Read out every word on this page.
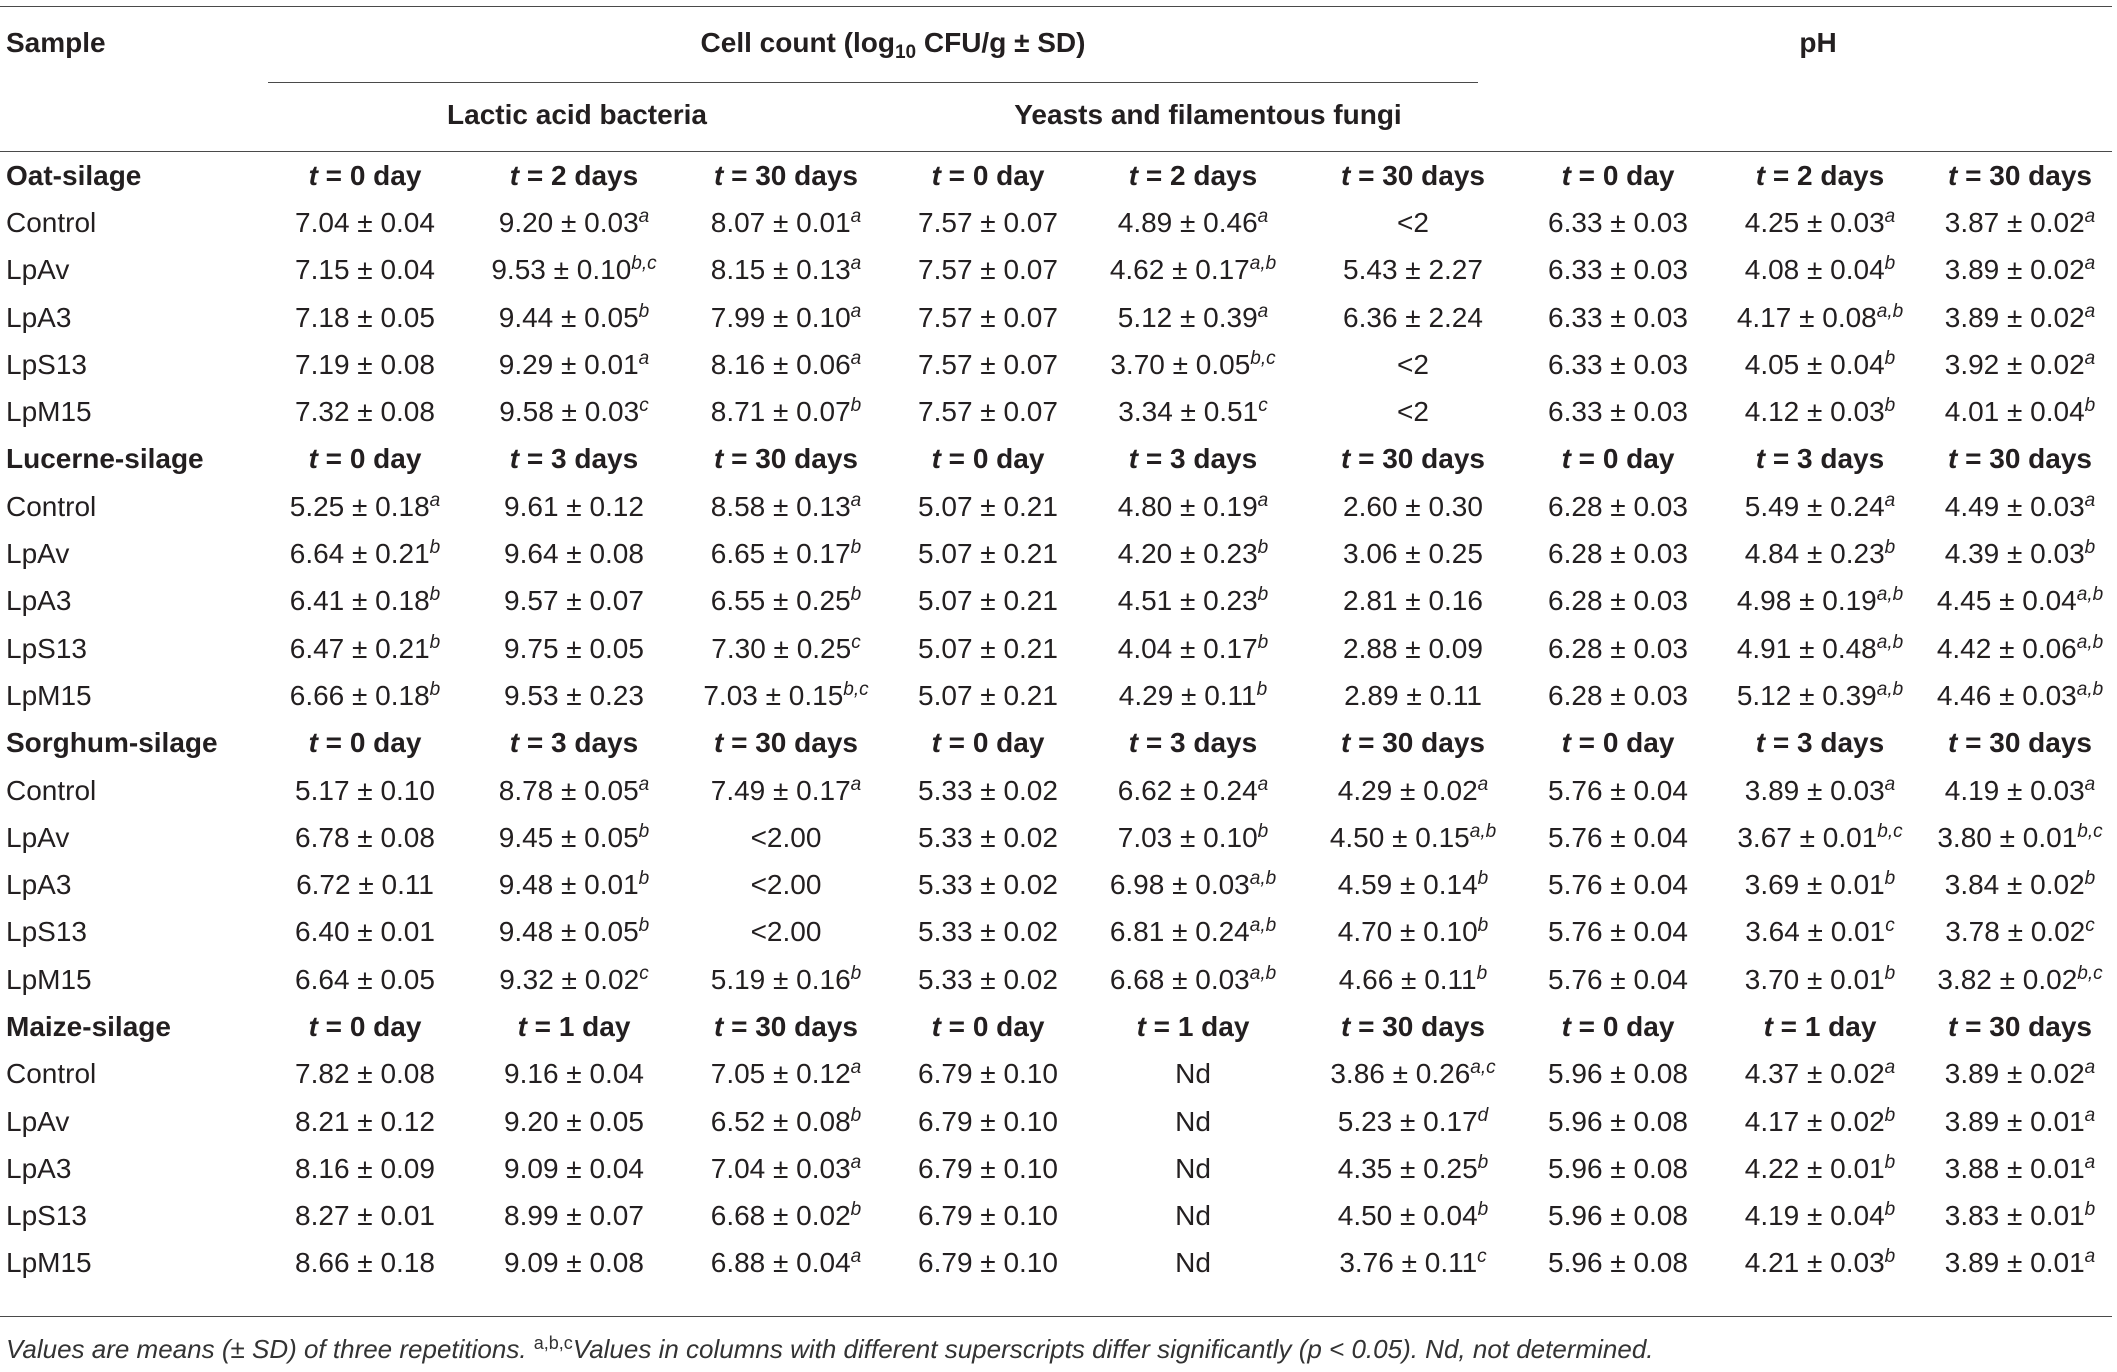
Sample	Cell count ($\log_{10}$ CFU/g ± SD)						pH		
	Lactic acid bacteria			Yeasts and filamentous fungi					
Oat-silage	t = 0 day	t = 2 days	t = 30 days	t = 0 day	t = 2 days	t = 30 days	t = 0 day	t = 2 days	t = 30 days
Control	7.04 ± 0.04	9.20 ± 0.03$^a$	8.07 ± 0.01$^a$	7.57 ± 0.07	4.89 ± 0.46$^a$	<2	6.33 ± 0.03	4.25 ± 0.03$^a$	3.87 ± 0.02$^a$
LpAv	7.15 ± 0.04	$9.53 \pm 0.10^{b,c}$	8.15 ± 0.13$^a$	7.57 ± 0.07	$4.62 \pm 0.17^{a,b}$	5.43 ± 2.27	6.33 ± 0.03	4.08 ± 0.04$^b$	3.89 ± 0.02$^a$
LpA3	7.18 ± 0.05	9.44 ± 0.05$^b$	7.99 ± 0.10$^a$	7.57 ± 0.07	5.12 ± 0.39$^a$	6.36 ± 2.24	6.33 ± 0.03	$4.17 \pm 0.08^{a,b}$	3.89 ± 0.02$^a$
LpS13	7.19 ± 0.08	9.29 ± 0.01$^a$	8.16 ± 0.06$^a$	7.57 ± 0.07	$3.70 \pm 0.05^{b,c}$	<2	6.33 ± 0.03	4.05 ± 0.04$^b$	3.92 ± 0.02$^a$
LpM15	7.32 ± 0.08	9.58 ± 0.03$^c$	8.71 ± 0.07$^b$	7.57 ± 0.07	3.34 ± 0.51$^c$	<2	6.33 ± 0.03	4.12 ± 0.03$^b$	4.01 ± 0.04$^b$
Lucerne-silage	t = 0 day	t = 3 days	t = 30 days	t = 0 day	t = 3 days	t = 30 days	t = 0 day	t = 3 days	t = 30 days
Control	5.25 ± 0.18$^a$	9.61 ± 0.12	8.58 ± 0.13$^a$	5.07 ± 0.21	4.80 ± 0.19$^a$	2.60 ± 0.30	6.28 ± 0.03	5.49 ± 0.24$^a$	4.49 ± 0.03$^a$
LpAv	6.64 ± 0.21$^b$	9.64 ± 0.08	6.65 ± 0.17$^b$	5.07 ± 0.21	4.20 ± 0.23$^b$	3.06 ± 0.25	6.28 ± 0.03	4.84 ± 0.23$^b$	4.39 ± 0.03$^b$
LpA3	6.41 ± 0.18$^b$	9.57 ± 0.07	6.55 ± 0.25$^b$	5.07 ± 0.21	4.51 ± 0.23$^b$	2.81 ± 0.16	6.28 ± 0.03	$4.98 \pm 0.19^{a,b}$	$4.45 \pm 0.04^{a,b}$
LpS13	6.47 ± 0.21$^b$	9.75 ± 0.05	7.30 ± 0.25$^c$	5.07 ± 0.21	4.04 ± 0.17$^b$	2.88 ± 0.09	6.28 ± 0.03	$4.91 \pm 0.48^{a,b}$	$4.42 \pm 0.06^{a,b}$
LpM15	6.66 ± 0.18$^b$	9.53 ± 0.23	$7.03 \pm 0.15^{b,c}$	5.07 ± 0.21	4.29 ± 0.11$^b$	2.89 ± 0.11	6.28 ± 0.03	$5.12 \pm 0.39^{a,b}$	$4.46 \pm 0.03^{a,b}$
Sorghum-silage	t = 0 day	t = 3 days	t = 30 days	t = 0 day	t = 3 days	t = 30 days	t = 0 day	t = 3 days	t = 30 days
Control	5.17 ± 0.10	8.78 ± 0.05$^a$	7.49 ± 0.17$^a$	5.33 ± 0.02	6.62 ± 0.24$^a$	4.29 ± 0.02$^a$	5.76 ± 0.04	3.89 ± 0.03$^a$	4.19 ± 0.03$^a$
LpAv	6.78 ± 0.08	9.45 ± 0.05$^b$	<2.00	5.33 ± 0.02	7.03 ± 0.10$^b$	$4.50 \pm 0.15^{a,b}$	5.76 ± 0.04	$3.67 \pm 0.01^{b,c}$	$3.80 \pm 0.01^{b,c}$
LpA3	6.72 ± 0.11	9.48 ± 0.01$^b$	<2.00	5.33 ± 0.02	$6.98 \pm 0.03^{a,b}$	4.59 ± 0.14$^b$	5.76 ± 0.04	3.69 ± 0.01$^b$	3.84 ± 0.02$^b$
LpS13	6.40 ± 0.01	9.48 ± 0.05$^b$	<2.00	5.33 ± 0.02	$6.81 \pm 0.24^{a,b}$	4.70 ± 0.10$^b$	5.76 ± 0.04	3.64 ± 0.01$^c$	3.78 ± 0.02$^c$
LpM15	6.64 ± 0.05	9.32 ± 0.02$^c$	5.19 ± 0.16$^b$	5.33 ± 0.02	$6.68 \pm 0.03^{a,b}$	4.66 ± 0.11$^b$	5.76 ± 0.04	3.70 ± 0.01$^b$	$3.82 \pm 0.02^{b,c}$
Maize-silage	t = 0 day	t = 1 day	t = 30 days	t = 0 day	t = 1 day	t = 30 days	t = 0 day	t = 1 day	t = 30 days
Control	7.82 ± 0.08	9.16 ± 0.04	7.05 ± 0.12$^a$	6.79 ± 0.10	Nd	$3.86 \pm 0.26^{a,c}$	5.96 ± 0.08	4.37 ± 0.02$^a$	3.89 ± 0.02$^a$
LpAv	8.21 ± 0.12	9.20 ± 0.05	6.52 ± 0.08$^b$	6.79 ± 0.10	Nd	5.23 ± 0.17$^d$	5.96 ± 0.08	4.17 ± 0.02$^b$	3.89 ± 0.01$^a$
LpA3	8.16 ± 0.09	9.09 ± 0.04	7.04 ± 0.03$^a$	6.79 ± 0.10	Nd	4.35 ± 0.25$^b$	5.96 ± 0.08	4.22 ± 0.01$^b$	3.88 ± 0.01$^a$
LpS13	8.27 ± 0.01	8.99 ± 0.07	6.68 ± 0.02$^b$	6.79 ± 0.10	Nd	4.50 ± 0.04$^b$	5.96 ± 0.08	4.19 ± 0.04$^b$	3.83 ± 0.01$^b$
LpM15	8.66 ± 0.18	9.09 ± 0.08	6.88 ± 0.04$^a$	6.79 ± 0.10	Nd	3.76 ± 0.11$^c$	5.96 ± 0.08	4.21 ± 0.03$^b$	3.89 ± 0.01$^a$
Values are means (± SD) of three repetitions. $^{a,b,c}$Values in columns with different superscripts differ significantly (p < 0.05). Nd, not determined.
